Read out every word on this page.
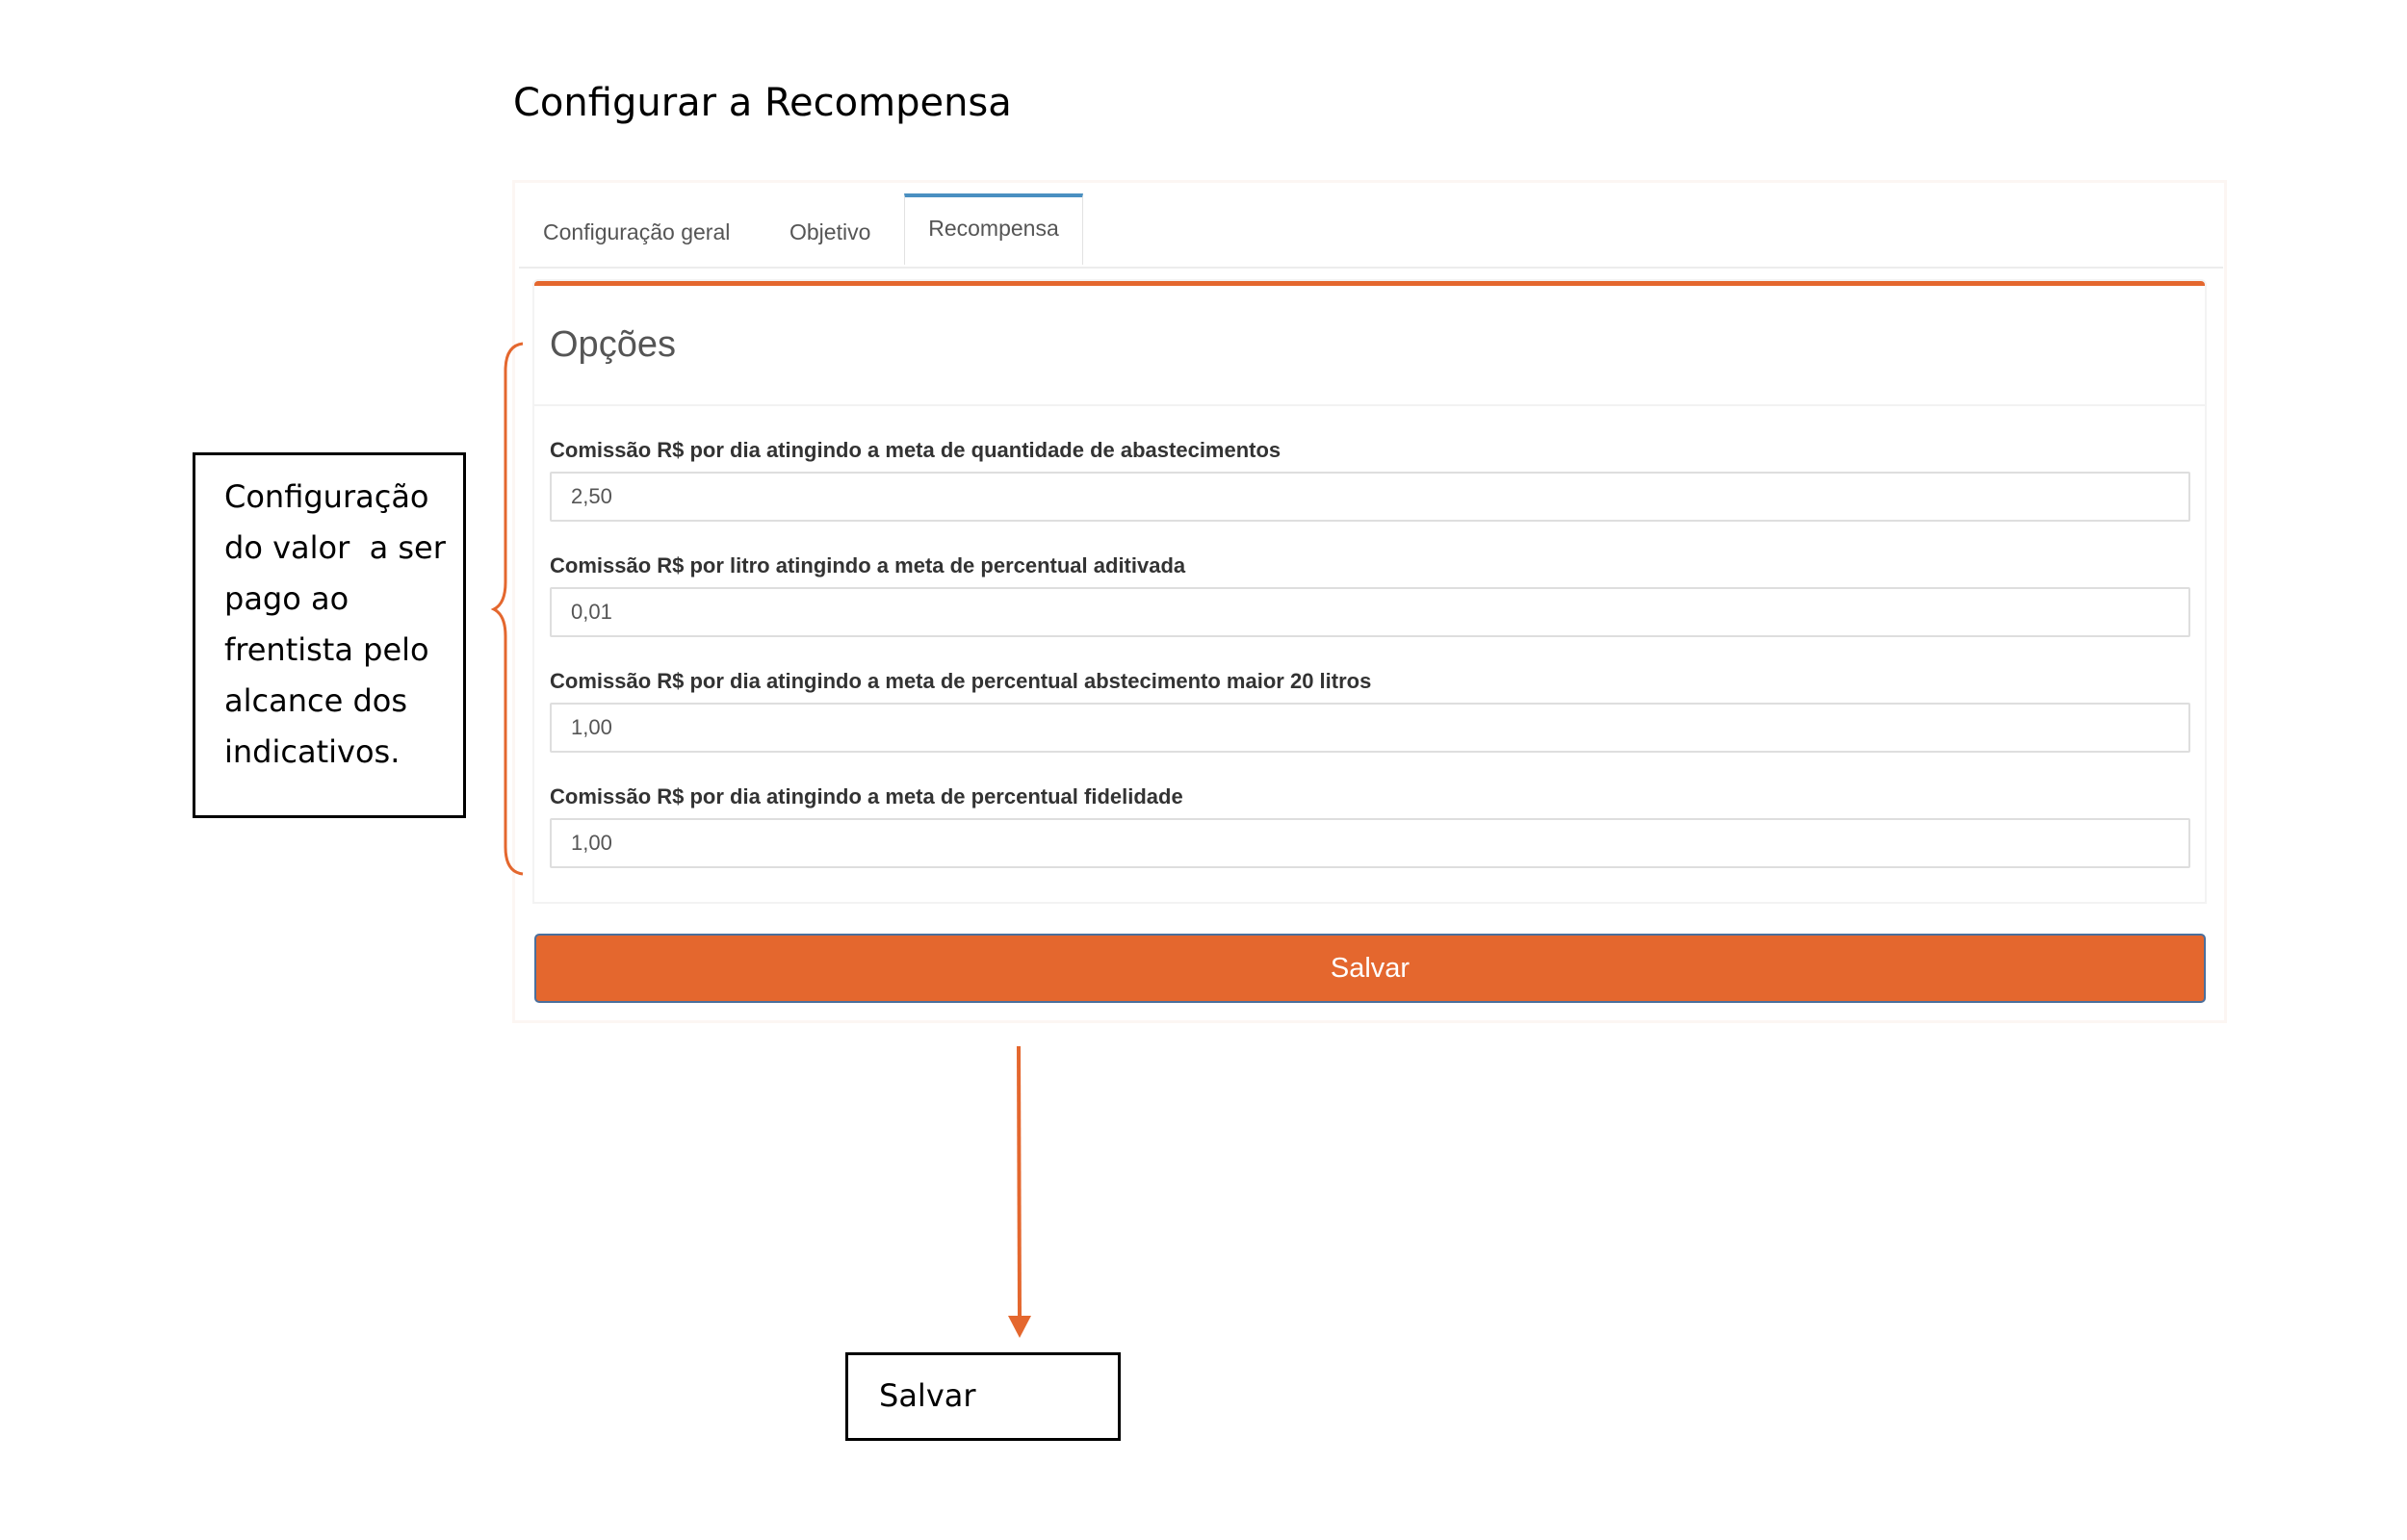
Configurar a Recompensa
Configuração geral	Objetivo	Recompensa
Opções
Comissão R$ por dia atingindo a meta de quantidade de abastecimentos
2,50
Comissão R$ por litro atingindo a meta de percentual aditivada
0,01
Comissão R$ por dia atingindo a meta de percentual abstecimento maior 20 litros
1,00
Comissão R$ por dia atingindo a meta de percentual fidelidade
1,00
Salvar
Configuração
do valor  a ser
pago ao
frentista pelo
alcance dos
indicativos.
Salvar
